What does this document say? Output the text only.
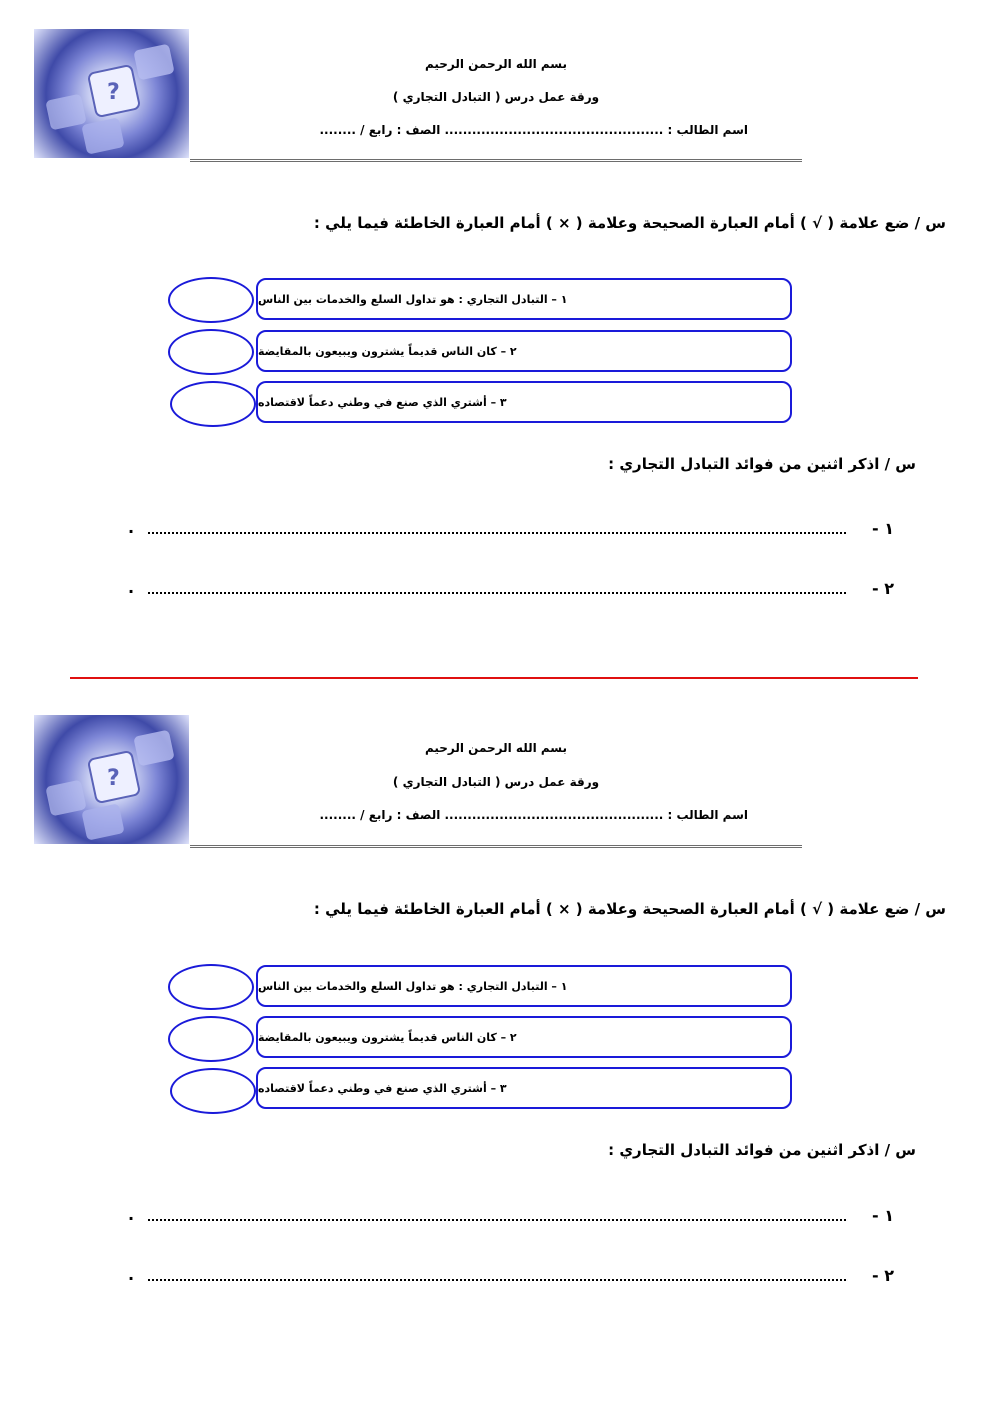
?
بسم الله الرحمن الرحيم
ورقة عمل درس ( التبادل التجاري )
اسم الطالب : ................................................ الصف : رابع / ........
س / ضع علامة ( √ ) أمام العبارة الصحيحة وعلامة ( × ) أمام العبارة الخاطئة فيما يلي :
١ – التبادل التجاري : هو تداول السلع والخدمات بين الناس
٢ – كان الناس قديماً يشترون ويبيعون بالمقايضة
٣ – أشتري الذي صنع في وطني دعماً لاقتصاده
س / اذكر اثنين من فوائد التبادل التجاري :
١ -
.
٢ -
.
?
بسم الله الرحمن الرحيم
ورقة عمل درس ( التبادل التجاري )
اسم الطالب : ................................................ الصف : رابع / ........
س / ضع علامة ( √ ) أمام العبارة الصحيحة وعلامة ( × ) أمام العبارة الخاطئة فيما يلي :
١ – التبادل التجاري : هو تداول السلع والخدمات بين الناس
٢ – كان الناس قديماً يشترون ويبيعون بالمقايضة
٣ – أشتري الذي صنع في وطني دعماً لاقتصاده
س / اذكر اثنين من فوائد التبادل التجاري :
١ -
.
٢ -
.
